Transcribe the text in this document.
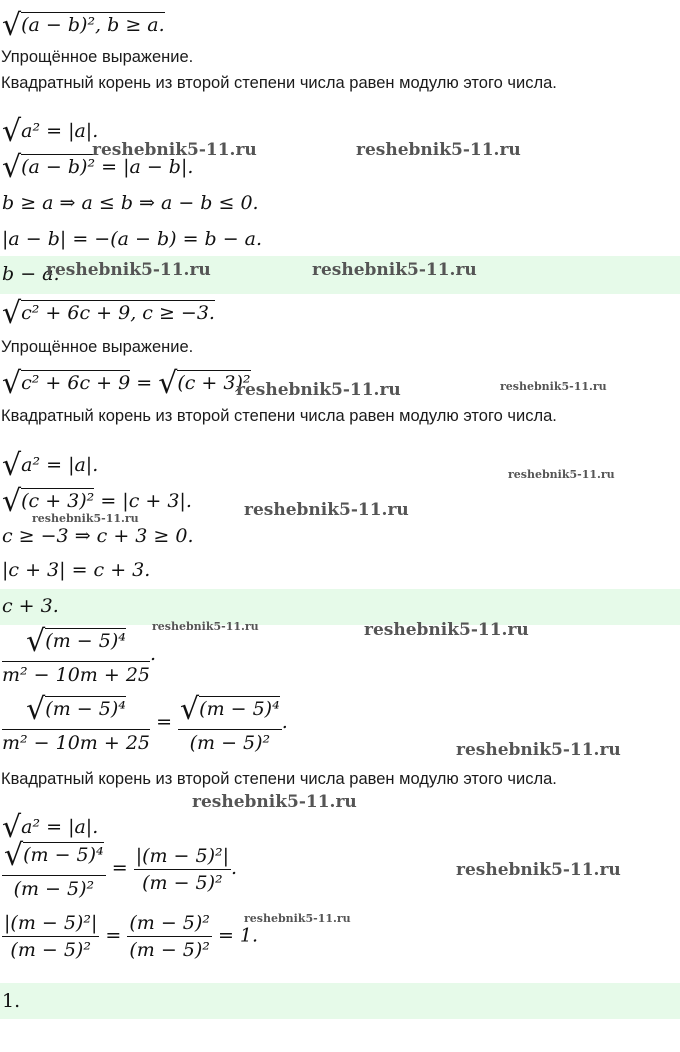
√(a − b)², b ≥ a.
Упрощённое выражение.
Квадратный корень из второй степени числа равен модулю этого числа.
√a² = |a|.
√(a − b)² = |a − b|.
b ≥ a ⇒ a ≤ b ⇒ a − b ≤ 0.
|a − b| = −(a − b) = b − a.
b − a.
√c² + 6c + 9, c ≥ −3.
Упрощённое выражение.
√c² + 6c + 9 = √(c + 3)²
Квадратный корень из второй степени числа равен модулю этого числа.
√a² = |a|.
√(c + 3)² = |c + 3|.
c ≥ −3 ⇒ c + 3 ≥ 0.
|c + 3| = c + 3.
c + 3.
$\frac{\text{√(m − 5)⁴}}{\text{m² − 10m + 25}}$ .
$\frac{\text{√(m − 5)⁴}}{\text{m² − 10m + 25}} = \frac{\text{√(m − 5)⁴}}{\text{(m − 5)²}}$ .
Квадратный корень из второй степени числа равен модулю этого числа.
√a² = |a|.
$\frac{\text{√(m − 5)⁴}}{\text{(m − 5)²}} = \frac{\text{|(m − 5)²|}}{\text{(m − 5)²}}$ .
$\frac{\text{|(m − 5)²|}}{\text{(m − 5)²}} = \frac{\text{(m − 5)²}}{\text{(m − 5)²}} = 1$.
1.
reshebnik5-11.ru	reshebnik5-11.ru
reshebnik5-11.ru	reshebnik5-11.ru
reshebnik5-11.ru	reshebnik5-11.ru
reshebnik5-11.ru
reshebnik5-11.ru
reshebnik5-11.ru
reshebnik5-11.ru	reshebnik5-11.ru
reshebnik5-11.ru
reshebnik5-11.ru
reshebnik5-11.ru
reshebnik5-11.ru
